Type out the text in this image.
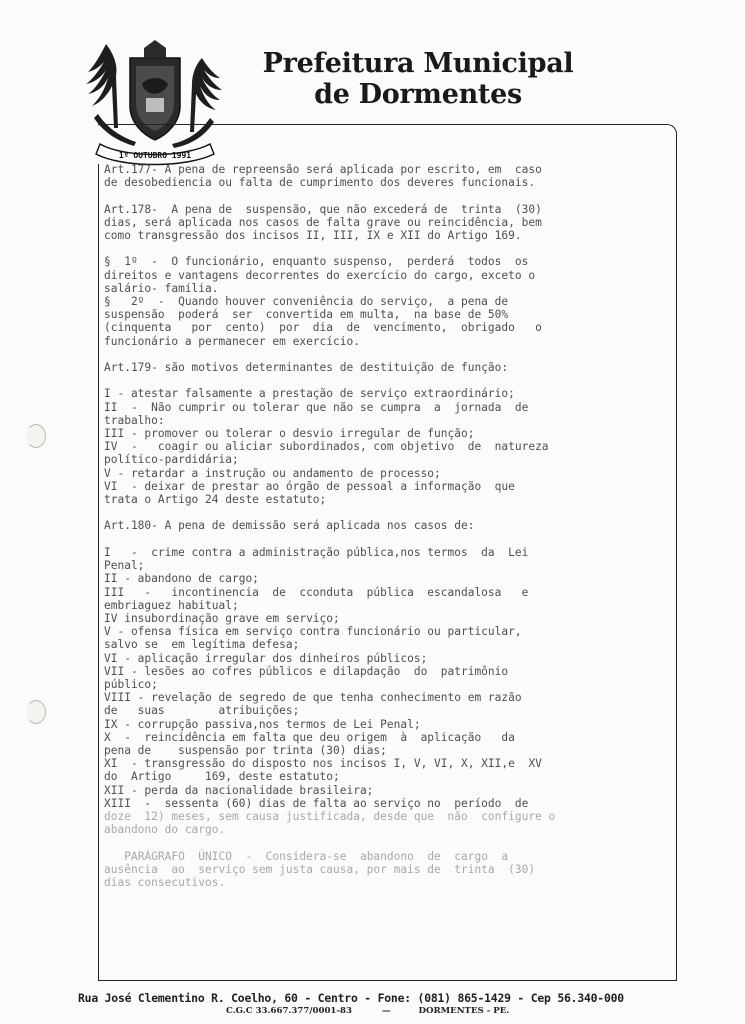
1º OUTUBRO 1991
Prefeitura Municipal
de Dormentes

Art.177- A pena de repreensão será aplicada por escrito, em  caso

de desobediencia ou falta de cumprimento dos deveres funcionais.

Art.178-  A pena de  suspensão, que não excederá de  trinta  (30)

dias, será aplicada nos casos de falta grave ou reincidência, bem

como transgressão dos incisos II, III, IX e XII do Artigo 169.

§  1º  -  O funcionário, enquanto suspenso,  perderá  todos  os

direitos e vantagens decorrentes do exercício do cargo, exceto o

salário- família.

§   2º  -  Quando houver conveniência do serviço,  a pena de

suspensão  poderá  ser  convertida em multa,  na base de 50%

(cinquenta   por  cento)  por  dia  de  vencimento,  obrigado   o

funcionário a permanecer em exercício.

Art.179- são motivos determinantes de destituição de função:

I - atestar falsamente a prestação de serviço extraordinário;

II  -  Não cumprir ou tolerar que não se cumpra  a  jornada  de

trabalho:

III - promover ou tolerar o desvio irregular de função;

IV  -   coagir ou aliciar subordinados, com objetivo  de  natureza

político-pardidária;

V - retardar a instrução ou andamento de processo;

VI  - deixar de prestar ao órgão de pessoal a informação  que

trata o Artigo 24 deste estatuto;

Art.180- A pena de demissão será aplicada nos casos de:

I   -  crime contra a administração pública,nos termos  da  Lei

Penal;

II - abandono de cargo;

III   -   incontinencia  de  cconduta  pública  escandalosa   e

embriaguez habitual;

IV insubordinação grave em serviço;

V - ofensa física em serviço contra funcionário ou particular,

salvo se  em legítima defesa;

VI - aplicação irregular dos dinheiros públicos;

VII - lesões ao cofres públicos e dilapdação  do  patrimônio

público;

VIII - revelação de segredo de que tenha conhecimento em razão

de   suas        atribuições;

IX - corrupção passiva,nos termos de Lei Penal;

X  -  reincidência em falta que deu origem  à  aplicação   da

pena de    suspensão por trinta (30) dias;

XI  - transgressão do disposto nos incisos I, V, VI, X, XII,e  XV

do  Artigo     169, deste estatuto;

XII - perda da nacionalidade brasileira;

XIII  -  sessenta (60) dias de falta ao serviço no  período  de

doze  12) meses, sem causa justificada, desde que  não  configure o

abandono do cargo.

PARÁGRAFO  ÚNICO  -  Considera-se  abandono  de  cargo  a

ausência  ao  serviço sem justa causa, por mais de  trinta  (30)

dias consecutivos.

Rua José Clementino R. Coelho, 60 - Centro - Fone: (081) 865-1429 - Cep 56.340-000
C.G.C 33.667.377/0001-83	—	DORMENTES - PE.
